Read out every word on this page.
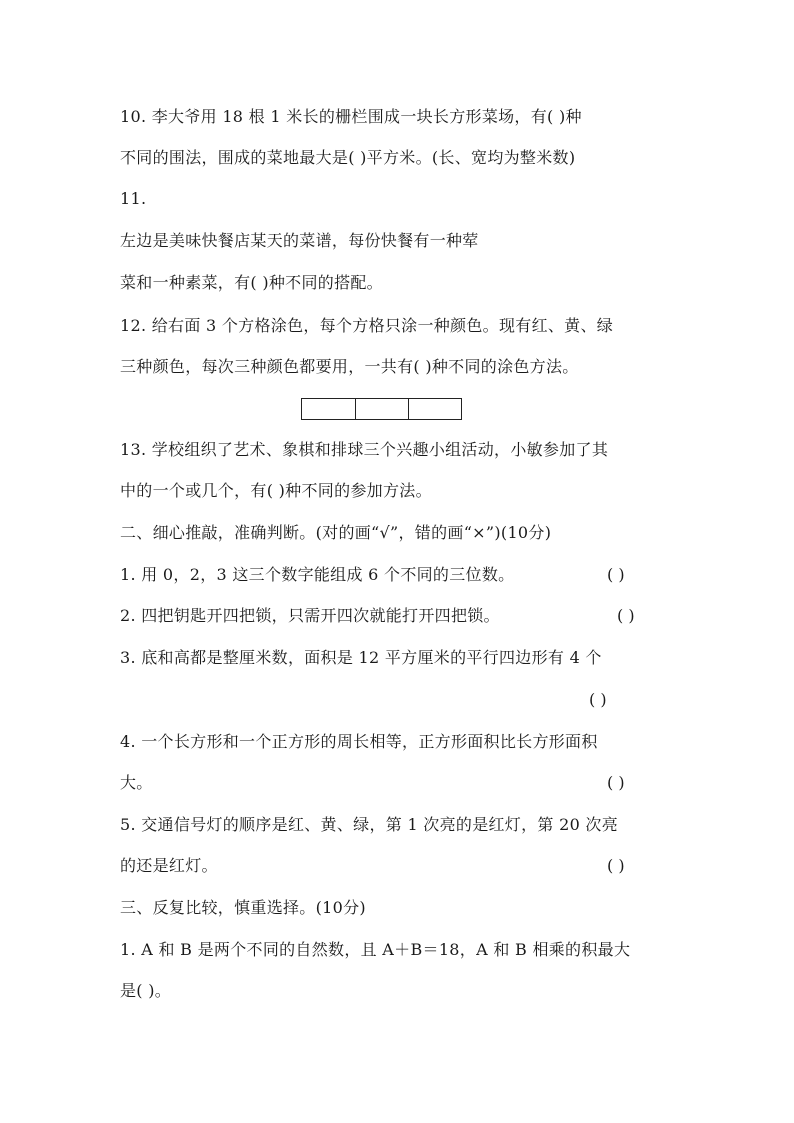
10. 李大爷用 18 根 1 米长的栅栏围成一块长方形菜场，有( )种
不同的围法，围成的菜地最大是( )平方米。(长、宽均为整米数)
11.
左边是美味快餐店某天的菜谱，每份快餐有一种荤
菜和一种素菜，有( )种不同的搭配。
12. 给右面 3 个方格涂色，每个方格只涂一种颜色。现有红、黄、绿
三种颜色，每次三种颜色都要用，一共有( )种不同的涂色方法。
13. 学校组织了艺术、象棋和排球三个兴趣小组活动，小敏参加了其
中的一个或几个，有( )种不同的参加方法。
二、细心推敲，准确判断。(对的画“√”，错的画“×”)(10分)
1. 用 0，2，3 这三个数字能组成 6 个不同的三位数。	( )
2. 四把钥匙开四把锁，只需开四次就能打开四把锁。	( )
3. 底和高都是整厘米数，面积是 12 平方厘米的平行四边形有 4 个
( )
4. 一个长方形和一个正方形的周长相等，正方形面积比长方形面积
大。	( )
5. 交通信号灯的顺序是红、黄、绿，第 1 次亮的是红灯，第 20 次亮
的还是红灯。	( )
三、反复比较，慎重选择。(10分)
1. A 和 B 是两个不同的自然数，且 A＋B＝18，A 和 B 相乘的积最大
是( )。
